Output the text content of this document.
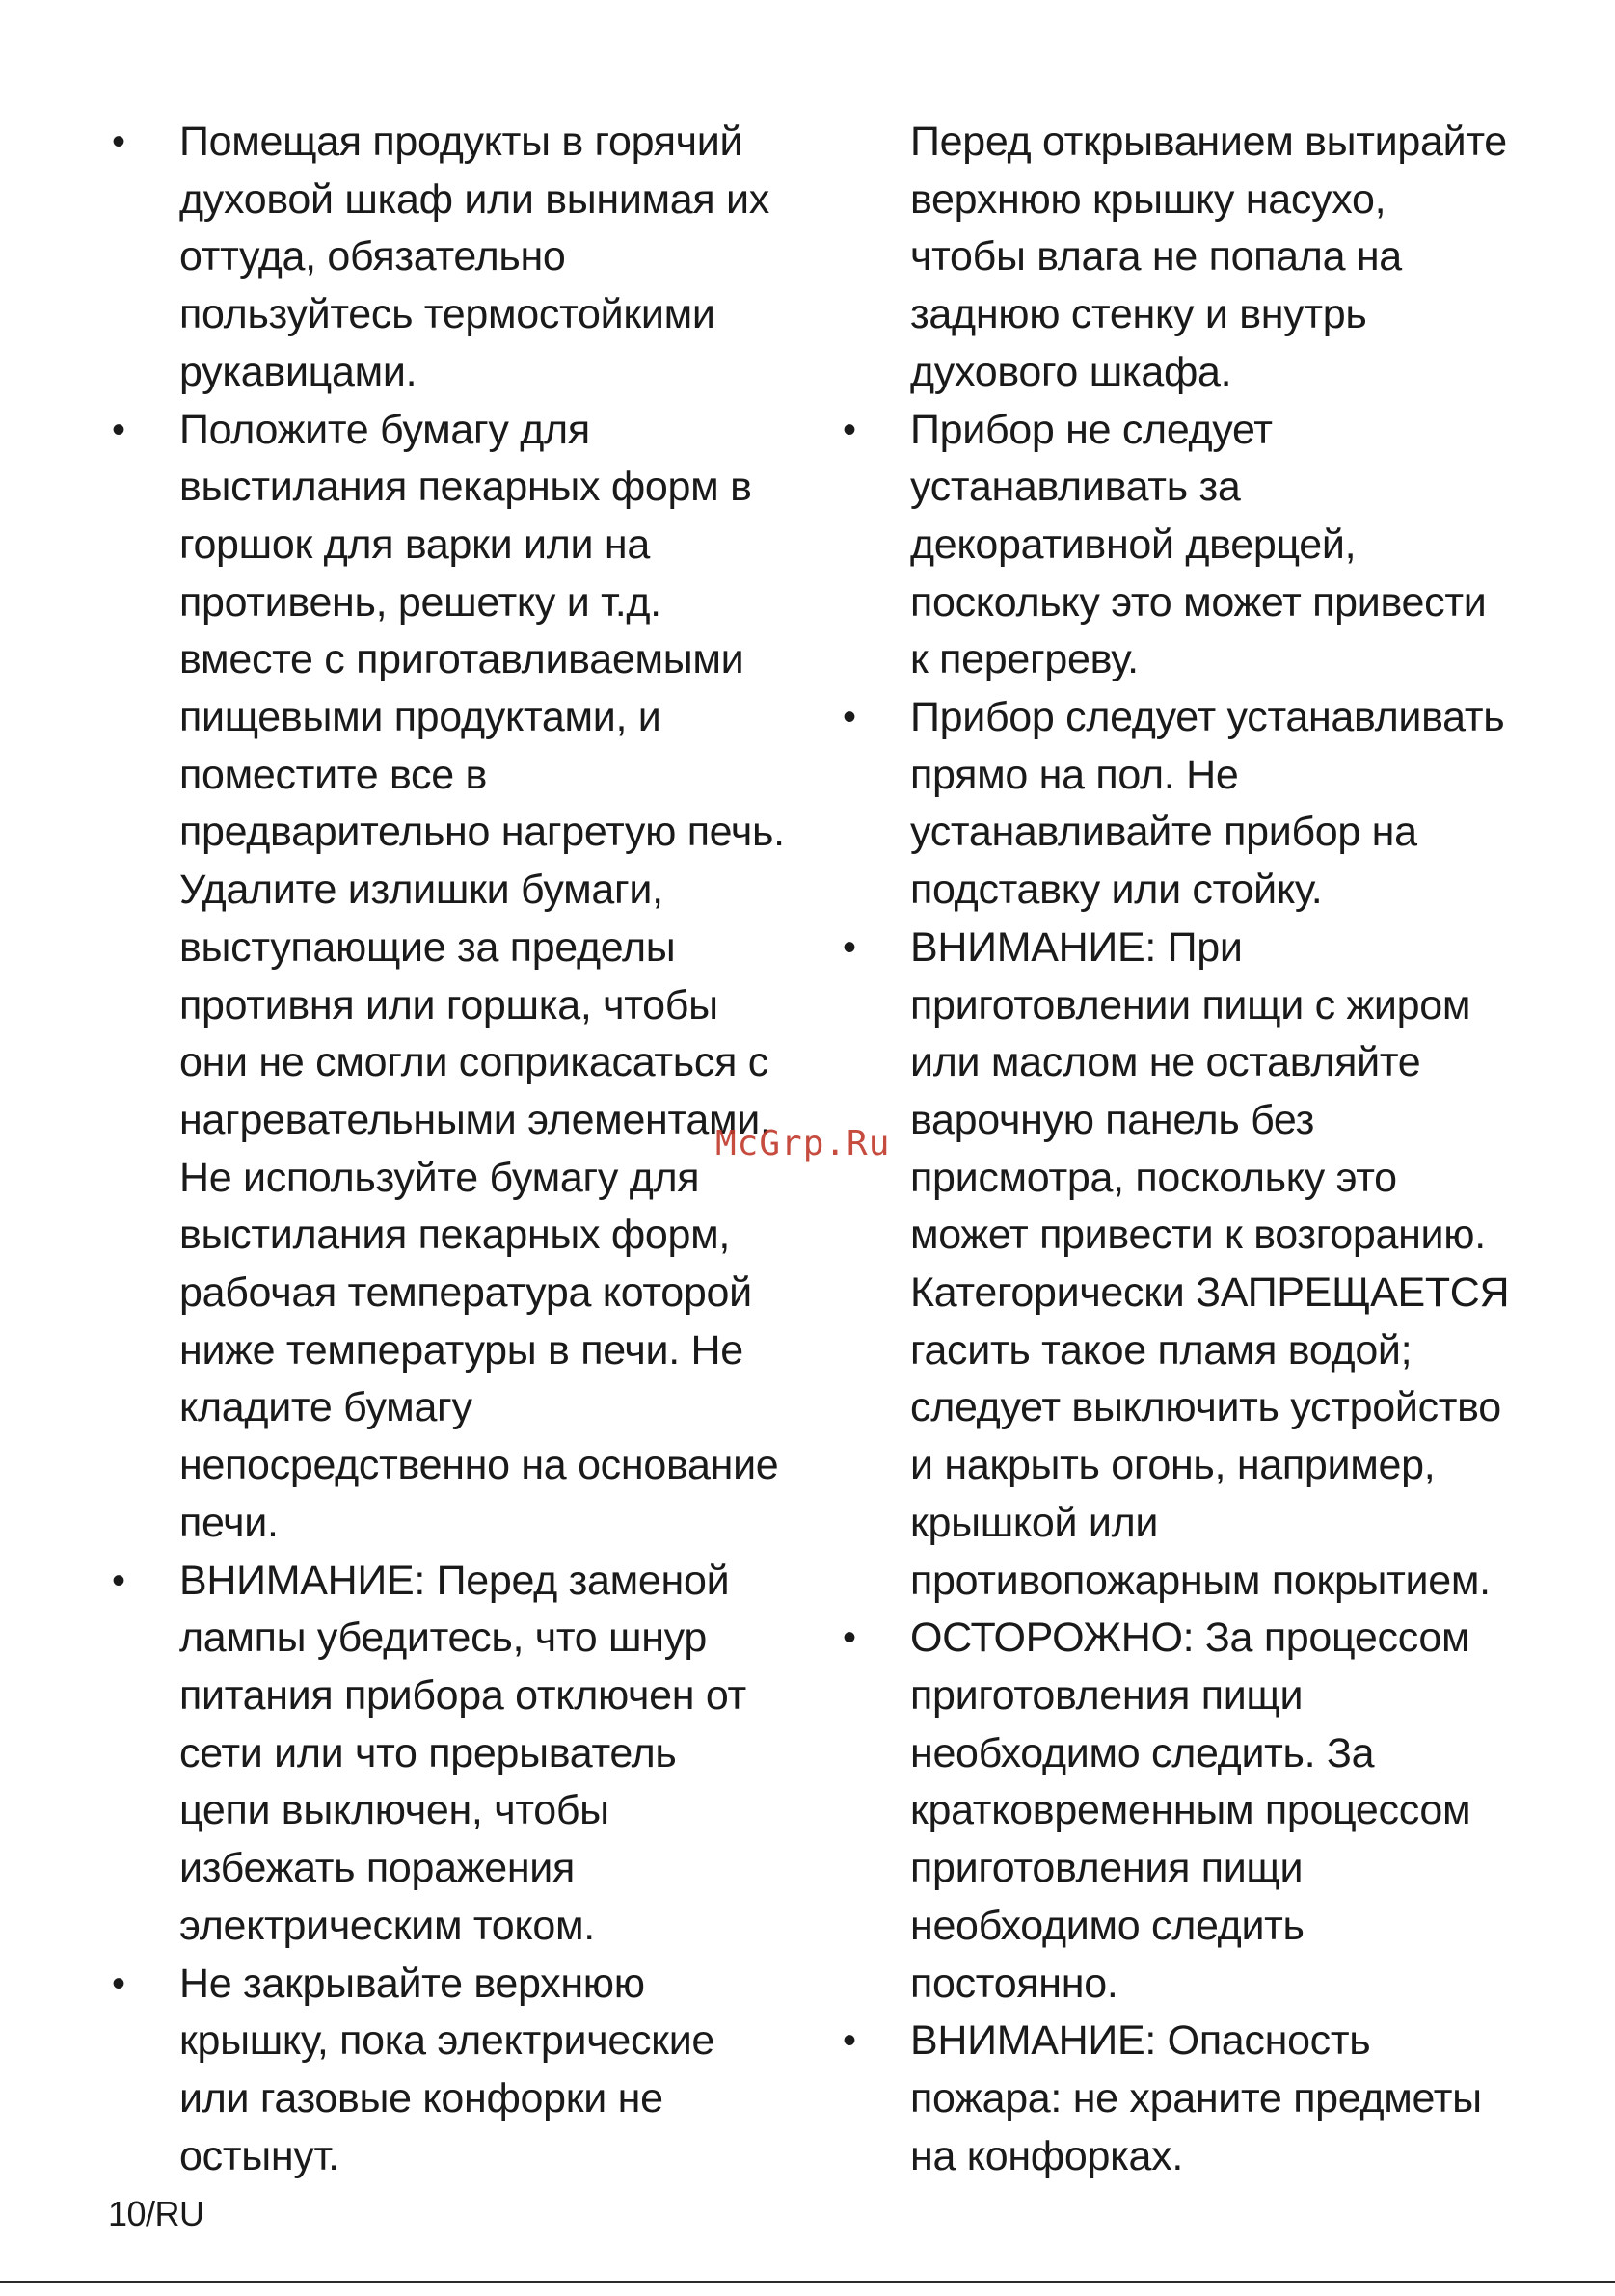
• Помещая продукты в горячий
духовой шкаф или вынимая их
оттуда, обязательно
пользуйтесь термостойкими
рукавицами.
• Положите бумагу для
выстилания пекарных форм в
горшок для варки или на
противень, решетку и т.д.
вместе с приготавливаемыми
пищевыми продуктами, и
поместите все в
предварительно нагретую печь.
Удалите излишки бумаги,
выступающие за пределы
противня или горшка, чтобы
они не смогли соприкасаться с
нагревательными элементами.
Не используйте бумагу для
выстилания пекарных форм,
рабочая температура которой
ниже температуры в печи. Не
кладите бумагу
непосредственно на основание
печи.
• ВНИМАНИЕ: Перед заменой
лампы убедитесь, что шнур
питания прибора отключен от
сети или что прерыватель
цепи выключен, чтобы
избежать поражения
электрическим током.
• Не закрывайте верхнюю
крышку, пока электрические
или газовые конфорки не
остынут.
Перед открыванием вытирайте
верхнюю крышку насухо,
чтобы влага не попала на
заднюю стенку и внутрь
духового шкафа.
• Прибор не следует
устанавливать за
декоративной дверцей,
поскольку это может привести
к перегреву.
• Прибор следует устанавливать
прямо на пол. Не
устанавливайте прибор на
подставку или стойку.
• ВНИМАНИЕ: При
приготовлении пищи с жиром
или маслом не оставляйте
варочную панель без
присмотра, поскольку это
может привести к возгоранию.
Категорически ЗАПРЕЩАЕТСЯ
гасить такое пламя водой;
следует выключить устройство
и накрыть огонь, например,
крышкой или
противопожарным покрытием.
• ОСТОРОЖНО: За процессом
приготовления пищи
необходимо следить. За
кратковременным процессом
приготовления пищи
необходимо следить
постоянно.
• ВНИМАНИЕ: Опасность
пожара: не храните предметы
на конфорках.
McGrp.Ru
10/RU
